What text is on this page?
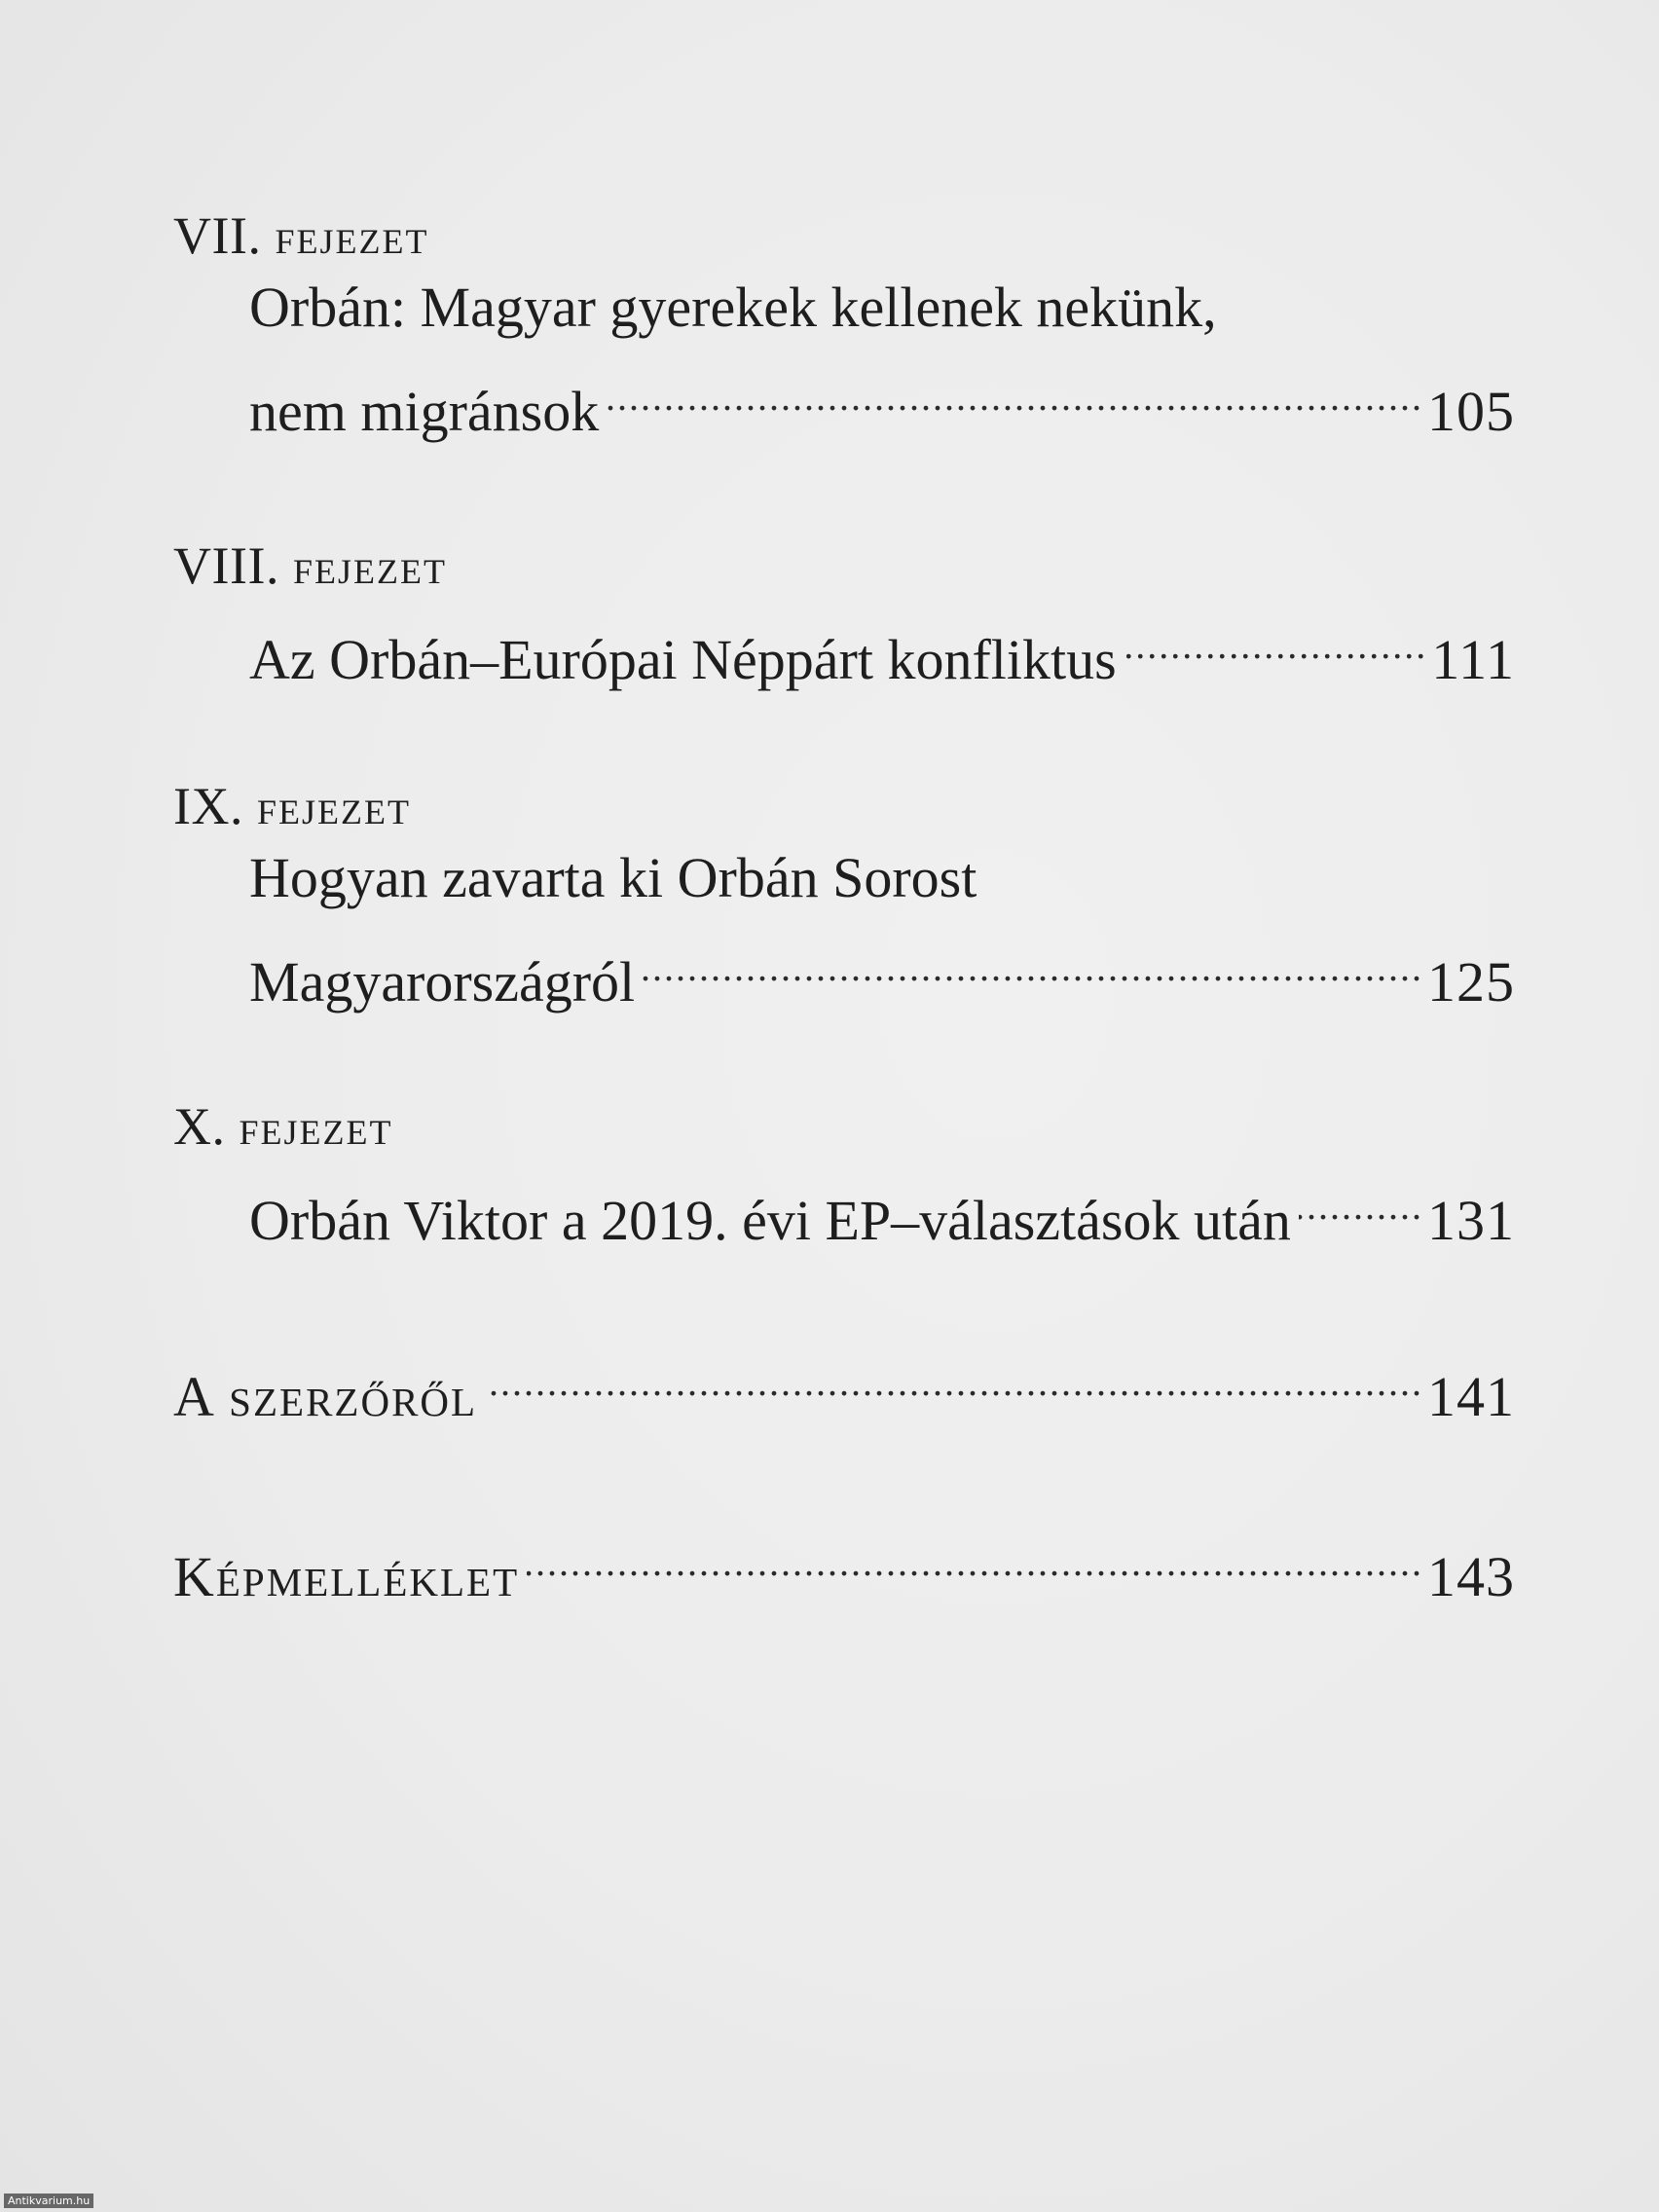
VII. fejezet
Orbán: Magyar gyerekek kellenek nekünk,
nem migránsok .....	105
VIII. fejezet
Az Orbán–Európai Néppárt konfliktus .....	111
IX. fejezet
Hogyan zavarta ki Orbán Sorost
Magyarországról .....	125
X. fejezet
Orbán Viktor a 2019. évi EP–választások után ..... 131
A szerzőről .....	141
Képmelléklet .....	143
Antikvarium.hu
